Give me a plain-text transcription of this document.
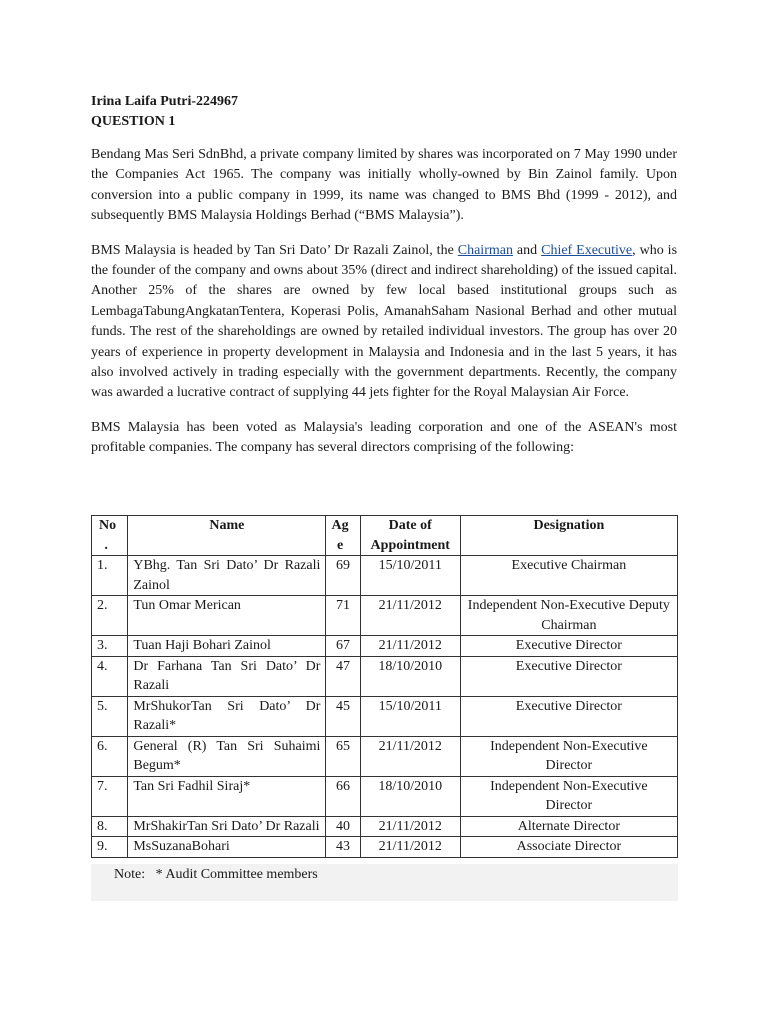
Irina Laifa Putri-224967

QUESTION 1

Bendang Mas Seri SdnBhd, a private company limited by shares was incorporated on 7 May 1990 under the Companies Act 1965. The company was initially wholly-owned by Bin Zainol family. Upon conversion into a public company in 1999, its name was changed to BMS Bhd (1999 - 2012), and subsequently BMS Malaysia Holdings Berhad (“BMS Malaysia”).

BMS Malaysia is headed by Tan Sri Dato’ Dr Razali Zainol, the Chairman and Chief Executive, who is the founder of the company and owns about 35% (direct and indirect shareholding) of the issued capital. Another 25% of the shares are owned by few local based institutional groups such as LembagaTabungAngkatanTentera, Koperasi Polis, AmanahSaham Nasional Berhad and other mutual funds. The rest of the shareholdings are owned by retailed individual investors. The group has over 20 years of experience in property development in Malaysia and Indonesia and in the last 5 years, it has also involved actively in trading especially with the government departments. Recently, the company was awarded a lucrative contract of supplying 44 jets fighter for the Royal Malaysian Air Force.

BMS Malaysia has been voted as Malaysia's leading corporation and one of the ASEAN's most profitable companies. The company has several directors comprising of the following:

No .	Name	Ag e	Date of Appointment	Designation
1.	YBhg. Tan Sri Dato’ Dr Razali Zainol	69	15/10/2011	Executive Chairman
2.	Tun Omar Merican	71	21/11/2012	Independent Non-Executive Deputy Chairman
3.	Tuan Haji Bohari Zainol	67	21/11/2012	Executive Director
4.	Dr Farhana Tan Sri Dato’ Dr Razali	47	18/10/2010	Executive Director
5.	MrShukorTan Sri Dato’ Dr Razali*	45	15/10/2011	Executive Director
6.	General (R) Tan Sri Suhaimi Begum*	65	21/11/2012	Independent Non-Executive Director
7.	Tan Sri Fadhil Siraj*	66	18/10/2010	Independent Non-Executive Director
8.	MrShakirTan Sri Dato’ Dr Razali	40	21/11/2012	Alternate Director
9.	MsSuzanaBohari	43	21/11/2012	Associate Director
Note:   * Audit Committee members
